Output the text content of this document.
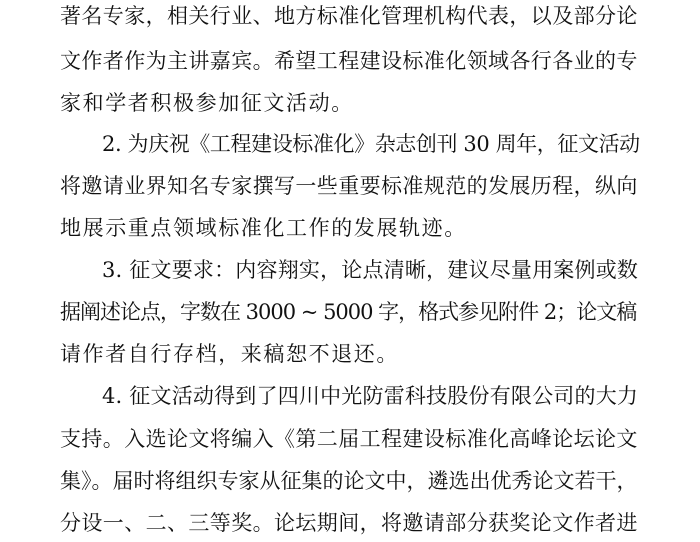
著名专家，相关行业、地方标准化管理机构代表，以及部分论
文作者作为主讲嘉宾。希望工程建设标准化领域各行各业的专
家和学者积极参加征文活动。
2. 为庆祝《工程建设标准化》杂志创刊 30 周年，征文活动
将邀请业界知名专家撰写一些重要标准规范的发展历程，纵向
地展示重点领域标准化工作的发展轨迹。
3. 征文要求：内容翔实，论点清晰，建议尽量用案例或数
据阐述论点，字数在 3000 ~ 5000 字，格式参见附件 2；论文稿
请作者自行存档，来稿恕不退还。
4. 征文活动得到了四川中光防雷科技股份有限公司的大力
支持。入选论文将编入《第二届工程建设标准化高峰论坛论文
集》。届时将组织专家从征集的论文中，遴选出优秀论文若干，
分设一、二、三等奖。论坛期间，将邀请部分获奖论文作者进
